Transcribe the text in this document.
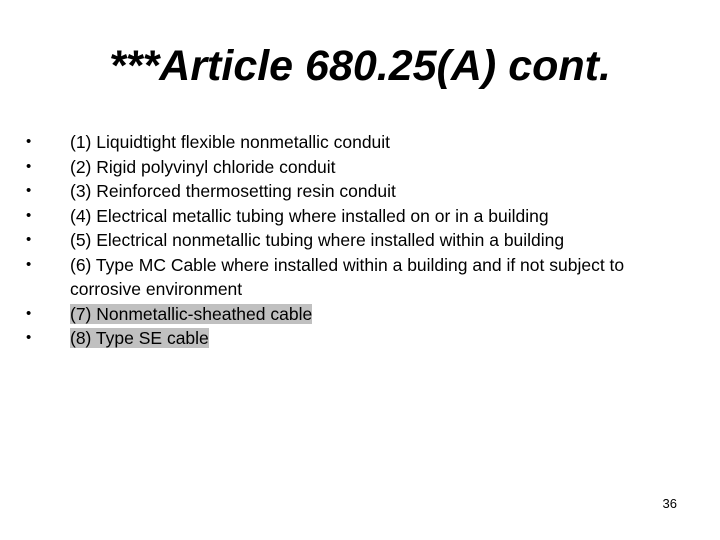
***Article 680.25(A) cont.
•	(1) Liquidtight flexible nonmetallic conduit
•	(2) Rigid polyvinyl chloride conduit
•	(3) Reinforced thermosetting resin conduit
•	(4) Electrical metallic tubing where installed on or in a building
•	(5) Electrical nonmetallic tubing where installed within a building
•	(6) Type MC Cable where installed within a building and if not subject to corrosive environment
•	(7) Nonmetallic-sheathed cable
•	(8) Type SE cable
36
